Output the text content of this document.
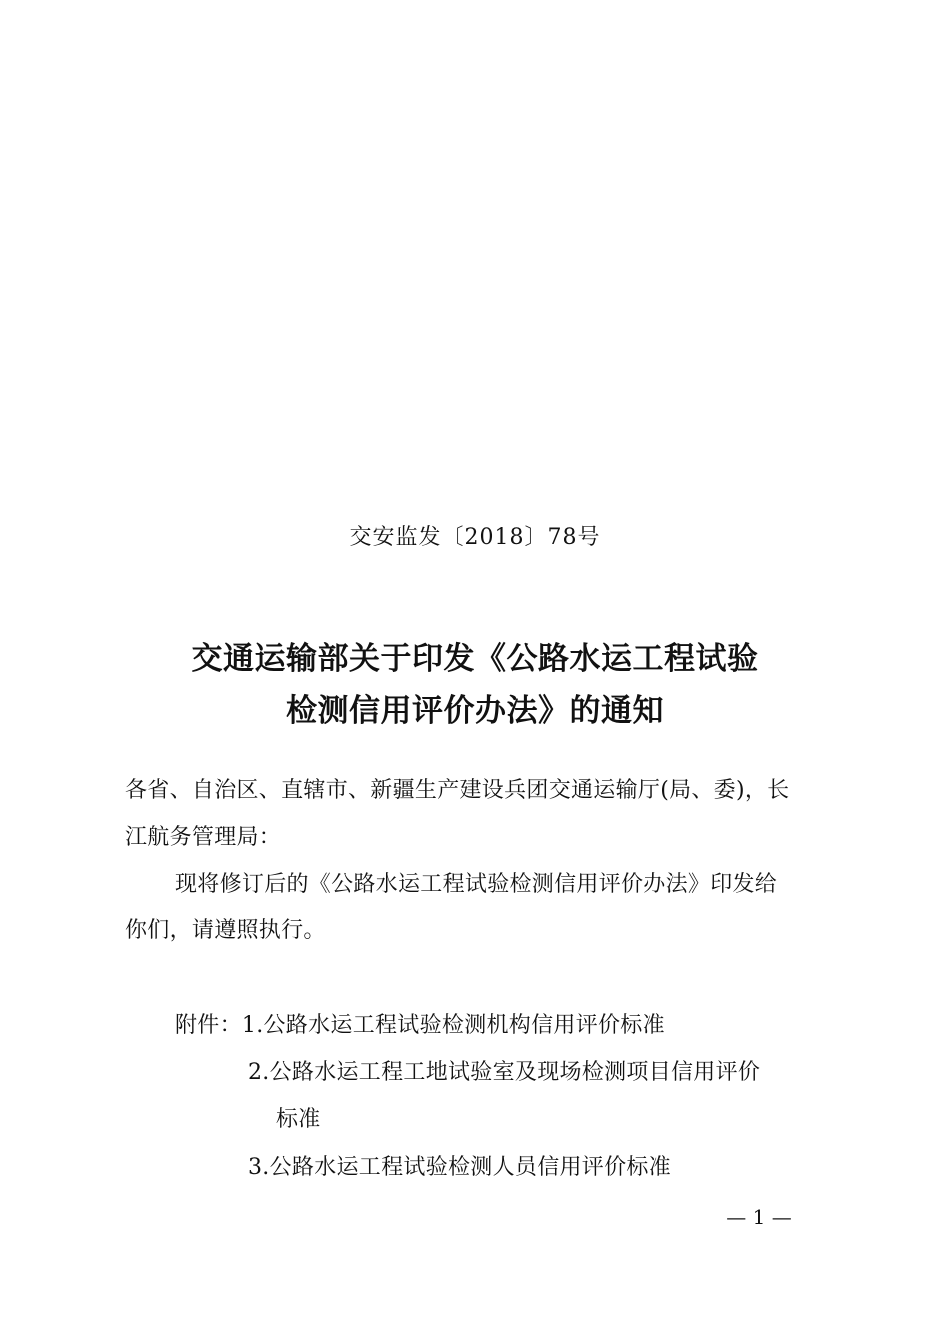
交安监发〔2018〕78号
交通运输部关于印发《公路水运工程试验
检测信用评价办法》的通知
各省、自治区、直辖市、新疆生产建设兵团交通运输厅(局、委)，长
江航务管理局：
现将修订后的《公路水运工程试验检测信用评价办法》印发给
你们，请遵照执行。
附件：1.公路水运工程试验检测机构信用评价标准
2.公路水运工程工地试验室及现场检测项目信用评价
标准
3.公路水运工程试验检测人员信用评价标准
— 1 —
